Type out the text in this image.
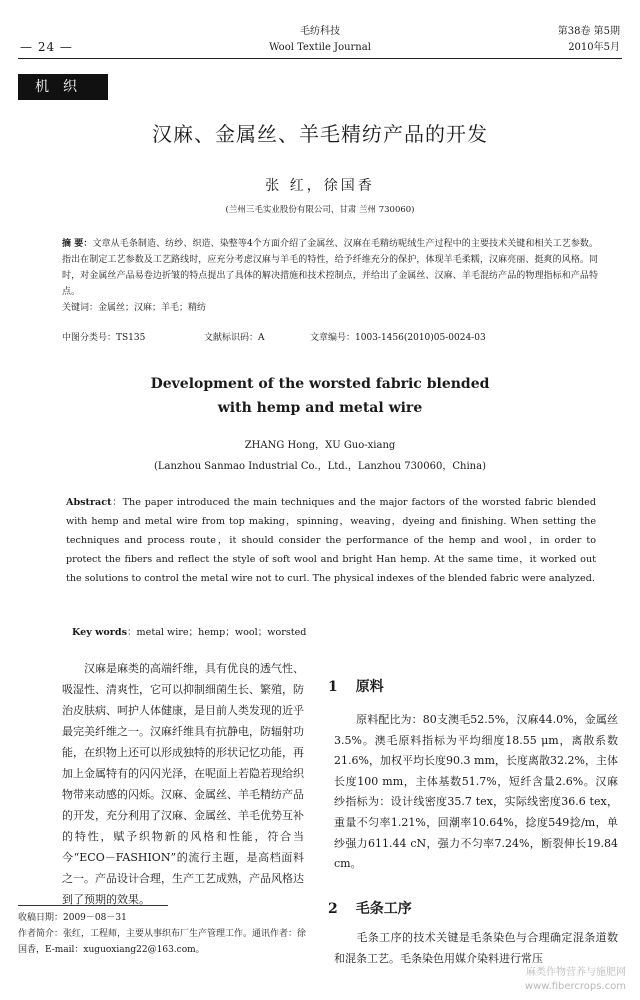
— 24 —
毛纺科技
Wool Textile Journal
第38卷 第5期
2010年5月
机织
汉麻、金属丝、羊毛精纺产品的开发
张 红，徐国香
(兰州三毛实业股份有限公司，甘肃 兰州 730060)
摘 要：文章从毛条制造、纺纱、织造、染整等4个方面介绍了金属丝、汉麻在毛精纺呢绒生产过程中的主要技术关键和相关工艺参数。指出在制定工艺参数及工艺路线时，应充分考虑汉麻与羊毛的特性，给予纤维充分的保护，体现羊毛柔糯，汉麻亮丽、挺爽的风格。同时，对金属丝产品易卷边折皱的特点提出了具体的解决措施和技术控制点，并给出了金属丝、汉麻、羊毛混纺产品的物理指标和产品特点。
关键词：金属丝；汉麻；羊毛；精纺
中图分类号：TS135	文献标识码：A	文章编号：1003-1456(2010)05-0024-03
Development of the worsted fabric blended
with hemp and metal wire
ZHANG Hong，XU Guo-xiang
(Lanzhou Sanmao Industrial Co.，Ltd.，Lanzhou 730060，China)
Abstract：The paper introduced the main techniques and the major factors of the worsted fabric blended with hemp and metal wire from top making，spinning，weaving，dyeing and finishing. When setting the techniques and process route，it should consider the performance of the hemp and wool，in order to protect the fibers and reflect the style of soft wool and bright Han hemp. At the same time，it worked out the solutions to control the metal wire not to curl. The physical indexes of the blended fabric were analyzed.
Key words：metal wire；hemp；wool；worsted
汉麻是麻类的高端纤维，具有优良的透气性、吸湿性、清爽性，它可以抑制细菌生长、繁殖，防治皮肤病、呵护人体健康，是目前人类发现的近乎最完美纤维之一。汉麻纤维具有抗静电，防辐射功能，在织物上还可以形成独特的形状记忆功能，再加上金属特有的闪闪光泽，在呢面上若隐若现给织物带来动感的闪烁。汉麻、金属丝、羊毛精纺产品的开发，充分利用了汉麻、金属丝、羊毛优势互补的特性，赋予织物新的风格和性能，符合当今“ECO－FASHION”的流行主题，是高档面料之一。产品设计合理，生产工艺成熟，产品风格达到了预期的效果。
1 原料
原料配比为：80支澳毛52.5%，汉麻44.0%，金属丝3.5%。澳毛原料指标为平均细度18.55 μm，离散系数21.6%，加权平均长度90.3 mm，长度离散32.2%，主体长度100 mm，主体基数51.7%，短纤含量2.6%。汉麻纱指标为：设计线密度35.7 tex，实际线密度36.6 tex，重量不匀率1.21%，回潮率10.64%，捻度549捻/m，单纱强力611.44 cN，强力不匀率7.24%，断裂伸长19.84 cm。
2 毛条工序
毛条工序的技术关键是毛条染色与合理确定混条道数和混条工艺。毛条染色用媒介染料进行常压
收稿日期：2009－08－31
作者简介：张红，工程师，主要从事织布厂生产管理工作。通讯作者：徐国香，E-mail：xuguoxiang22@163.com。
麻类作物营养与施肥网
www.fibercrops.com
